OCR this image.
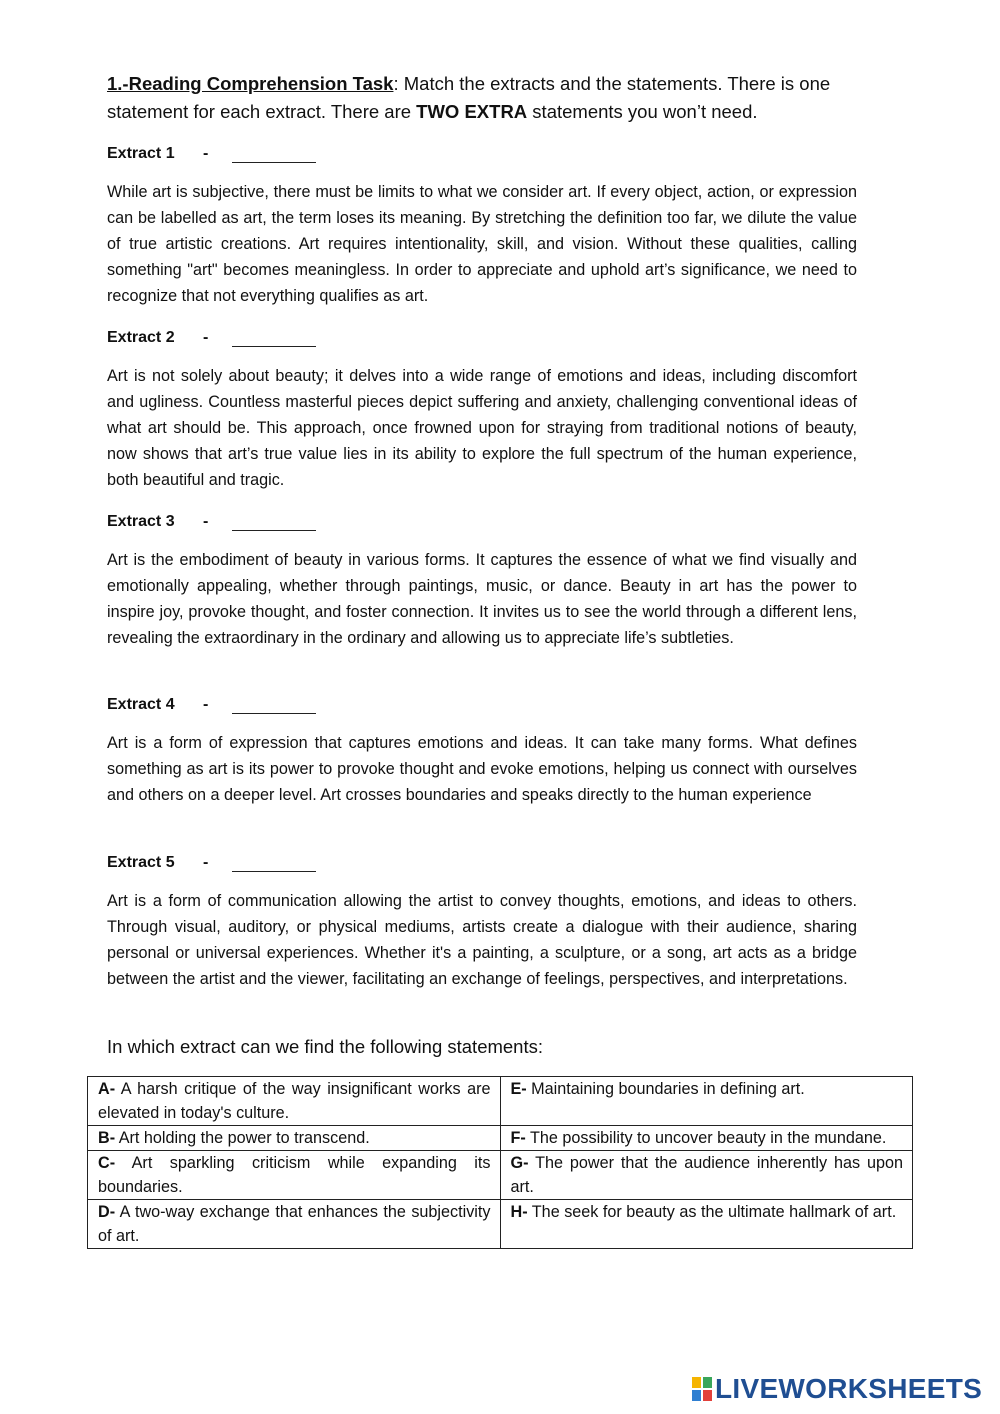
1.-Reading Comprehension Task: Match the extracts and the statements. There is one statement for each extract. There are TWO EXTRA statements you won’t need.
Extract 1 -

While art is subjective, there must be limits to what we consider art. If every object, action, or expression can be labelled as art, the term loses its meaning. By stretching the definition too far, we dilute the value of true artistic creations. Art requires intentionality, skill, and vision. Without these qualities, calling something "art" becomes meaningless. In order to appreciate and uphold art’s significance, we need to recognize that not everything qualifies as art.

Extract 2 -

Art is not solely about beauty; it delves into a wide range of emotions and ideas, including discomfort and ugliness. Countless masterful pieces depict suffering and anxiety, challenging conventional ideas of what art should be. This approach, once frowned upon for straying from traditional notions of beauty, now shows that art’s true value lies in its ability to explore the full spectrum of the human experience, both beautiful and tragic.

Extract 3 -

Art is the embodiment of beauty in various forms. It captures the essence of what we find visually and emotionally appealing, whether through paintings, music, or dance. Beauty in art has the power to inspire joy, provoke thought, and foster connection. It invites us to see the world through a different lens, revealing the extraordinary in the ordinary and allowing us to appreciate life’s subtleties.

Extract 4 -

Art is a form of expression that captures emotions and ideas. It can take many forms. What defines something as art is its power to provoke thought and evoke emotions, helping us connect with ourselves and others on a deeper level. Art crosses boundaries and speaks directly to the human experience

Extract 5 -

Art is a form of communication allowing the artist to convey thoughts, emotions, and ideas to others. Through visual, auditory, or physical mediums, artists create a dialogue with their audience, sharing personal or universal experiences. Whether it's a painting, a sculpture, or a song, art acts as a bridge between the artist and the viewer, facilitating an exchange of feelings, perspectives, and interpretations.

In which extract can we find the following statements:
A- A harsh critique of the way insignificant works are elevated in today's culture.	E- Maintaining boundaries in defining art.
B- Art holding the power to transcend.	F- The possibility to uncover beauty in the mundane.
C- Art sparkling criticism while expanding its boundaries.	G- The power that the audience inherently has upon art.
D- A two-way exchange that enhances the subjectivity of art.	H- The seek for beauty as the ultimate hallmark of art.
LIVEWORKSHEETS
